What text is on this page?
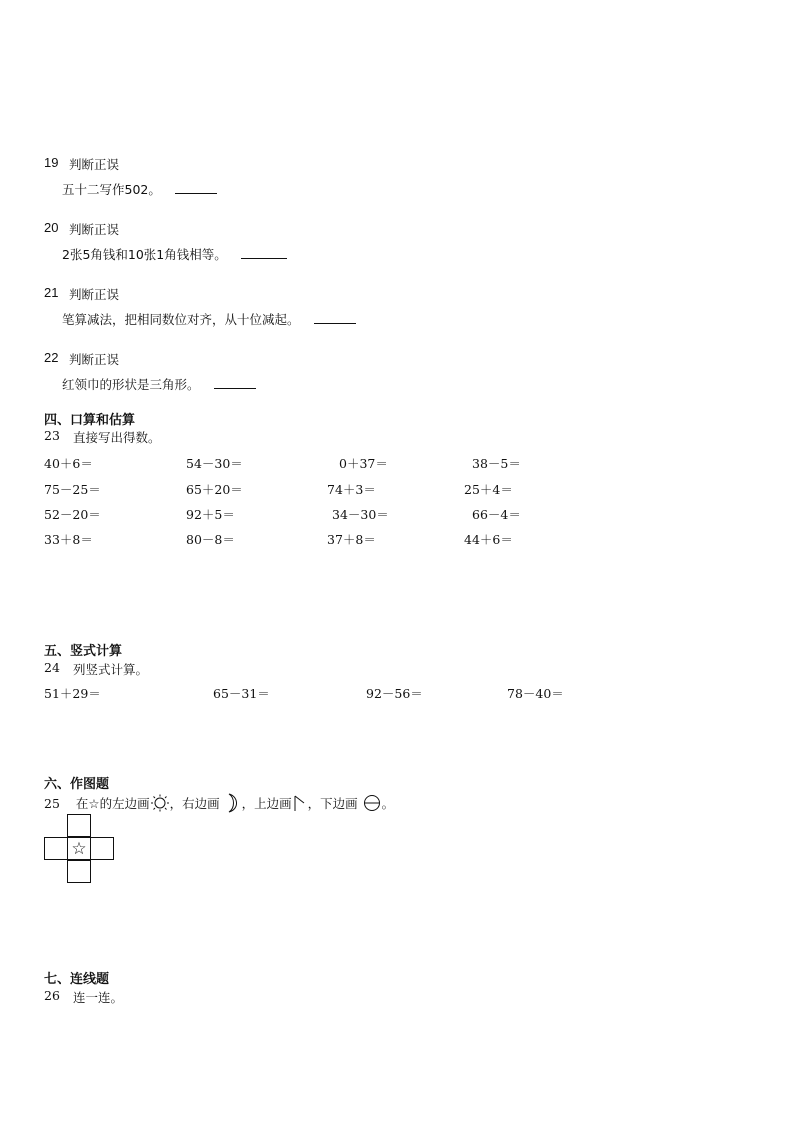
19 判断正误
五十二写作502。
20 判断正误
2张5角钱和10张1角钱相等。
21 判断正误
笔算减法，把相同数位对齐，从十位减起。
22 判断正误
红领巾的形状是三角形。
四、口算和估算
23 直接写出得数。
40＋6＝	54－30＝	0＋37＝	38－5＝
75－25＝	65＋20＝	74＋3＝	25＋4＝
52－20＝	92＋5＝	34－30＝	66－4＝
33＋8＝	80－8＝	37＋8＝	44＋6＝
五、竖式计算
24 列竖式计算。
51＋29＝	65－31＝	92－56＝	78－40＝
六、作图题
25 在☆的左边画 ，右边画 ，上边画 ，下边画 。
☆
七、连线题
26 连一连。
